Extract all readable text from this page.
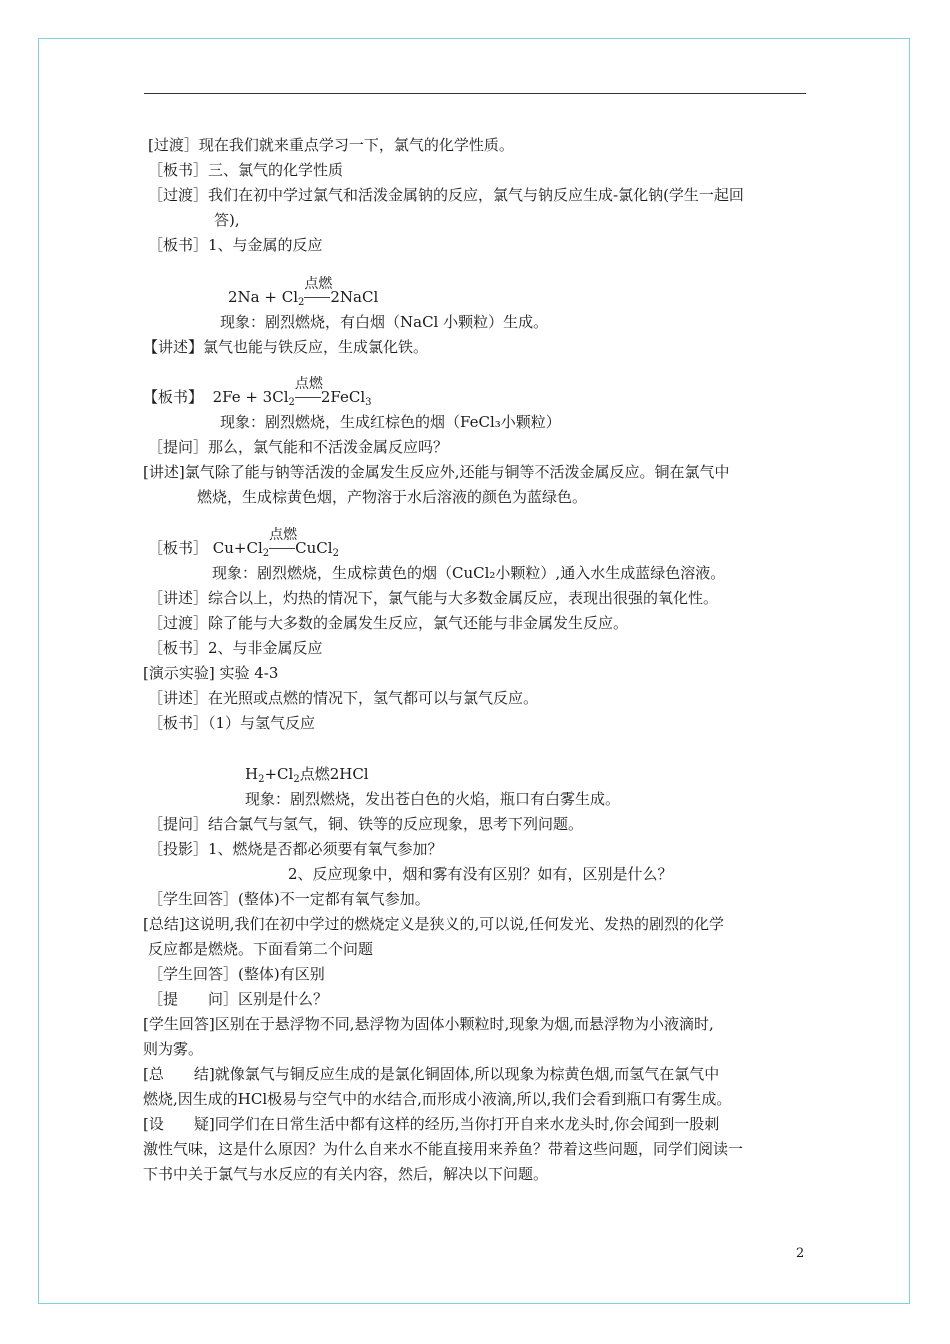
[过渡］现在我们就来重点学习一下，氯气的化学性质。
［板书］三、氯气的化学性质
［过渡］我们在初中学过氯气和活泼金属钠的反应，氯气与钠反应生成-氯化钠(学生一起回
答),
［板书］1、与金属的反应
$2Na + Cl_2$
点燃
2NaCl
现象：剧烈燃烧，有白烟（NaCl 小颗粒）生成。
【讲述】氯气也能与铁反应，生成氯化铁。
【板书】 $2Fe + 3Cl_2$
点燃
2FeCl$_3$
现象：剧烈燃烧，生成红棕色的烟（FeCl₃小颗粒）
［提问］那么，氯气能和不活泼金属反应吗？
[讲述]氯气除了能与钠等活泼的金属发生反应外,还能与铜等不活泼金属反应。铜在氯气中
燃烧，生成棕黄色烟，产物溶于水后溶液的颜色为蓝绿色。
［板书］ $Cu+Cl_2$
点燃
CuCl$_2$
现象：剧烈燃烧，生成棕黄色的烟（CuCl₂小颗粒）,通入水生成蓝绿色溶液。
［讲述］综合以上，灼热的情况下，氯气能与大多数金属反应，表现出很强的氧化性。
［过渡］除了能与大多数的金属发生反应，氯气还能与非金属发生反应。
［板书］2、与非金属反应
[演示实验] 实验 4-3
［讲述］在光照或点燃的情况下，氢气都可以与氯气反应。
［板书］（1）与氢气反应
$H_2+Cl_2$点燃2HCl
现象：剧烈燃烧，发出苍白色的火焰，瓶口有白雾生成。
［提问］结合氯气与氢气，铜、铁等的反应现象，思考下列问题。
［投影］1、燃烧是否都必须要有氧气参加？
2、反应现象中，烟和雾有没有区别？如有，区别是什么？
［学生回答］(整体)不一定都有氧气参加。
[总结]这说明,我们在初中学过的燃烧定义是狭义的,可以说,任何发光、发热的剧烈的化学
反应都是燃烧。下面看第二个问题
［学生回答］(整体)有区别
［提　　问］区别是什么？
[学生回答]区别在于悬浮物不同,悬浮物为固体小颗粒时,现象为烟,而悬浮物为小液滴时,
则为雾。
[总　　结]就像氯气与铜反应生成的是氯化铜固体,所以现象为棕黄色烟,而氢气在氯气中
燃烧,因生成的HCl极易与空气中的水结合,而形成小液滴,所以,我们会看到瓶口有雾生成。
[设　　疑]同学们在日常生活中都有这样的经历,当你打开自来水龙头时,你会闻到一股刺
激性气味，这是什么原因？为什么自来水不能直接用来养鱼？带着这些问题，同学们阅读一
下书中关于氯气与水反应的有关内容，然后，解决以下问题。
2
